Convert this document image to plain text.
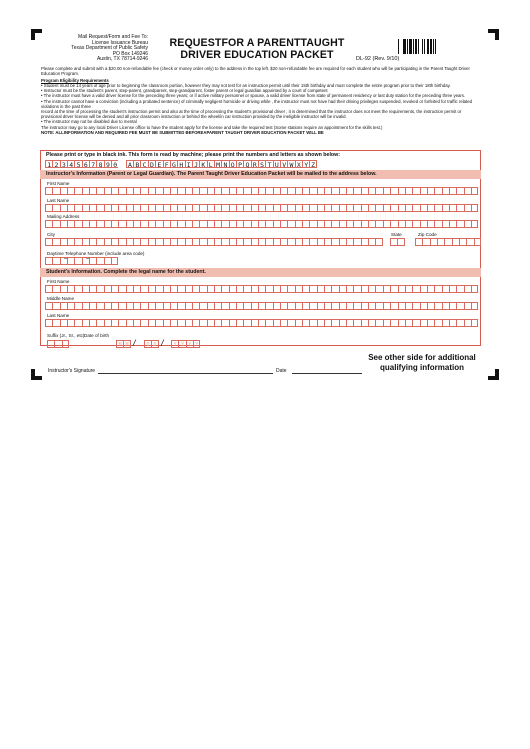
Mail Request/Form and Fee To:
License Issuance Bureau
Texas Department of Public Safety
PO Box 149246
Austin, TX 78714-9246
REQUESTFOR A PARENTTAUGHT
DRIVER EDUCATION PACKET	DL-92 (Rev. 9/10)

Please complete and submit with a $20.00 non-refundable fee (check or money order only) to the address in the top left. $20 non-refundable fee are required for each student who will be participating in the Parent Taught Driver Education Program.

Program Eligibility Requirements

• Student must be 14 years of age prior to beginning the classroom portion, however they may not test for an instruction permit until their 15th birthday and must complete the entire program prior to their 18th birthday.

• Instructor must be the student's parent, step-parent, grandparent, step-grandparent, foster parent or legal guardian appointed by a court of competent

• The instructor must have a valid driver license for the preceding three years; or if active military personnel or spouse, a valid driver license from state of permanent residency or last duty station for the preceding three years.

• The instructor cannot have a conviction (including a probated sentence) of criminally negligent homicide or driving while , the instructor must not have had their driving privileges suspended, revoked or forfeited for traffic related violations in the past three

record at the time of processing the student's instruction permit and also at the time of processing the student's provisional driver , it is determined that the instructor does not meet the requirements, the instruction permit or provisional driver license will be denied and all prior classroom instruction or behind the wheel/in car instruction provided by the ineligible instructor will be invalid.

• The instructor may not be disabled due to mental

The instructor may go to any local Driver License office to have the student apply for the license and take the required test (Some stations require an appointment for the skills test.)

NOTE: ALLINFORMATION AND REQUIRED FEE MUST BE SUBMITTED BEFOREAPARENT TAUGHT DRIVER EDUCATION PACKET WILL BE

Please print or type in black ink. This form is read by machine; please print the numbers and letters as shown below:
1 2 3 4 5 6 7 8 9 0	A B C D E F G H I J K L M N O P Q R S T U V W X Y Z
Instructor's Information (Parent or Legal Guardian). The Parent Taught Driver Education Packet will be mailed to the address below.
First Name
Last Name
Mailing Address
City	State	Zip Code
Daytime Telephone Number (include area code)
Student's Information. Complete the legal name for the student.
First Name
Middle Name
Last Name
Suffix (Jr., Sr., etc) Date of birth
M M /	D D /	Y Y Y Y
See other side for additional qualifying information
Instructor's Signature	Date
–	–
